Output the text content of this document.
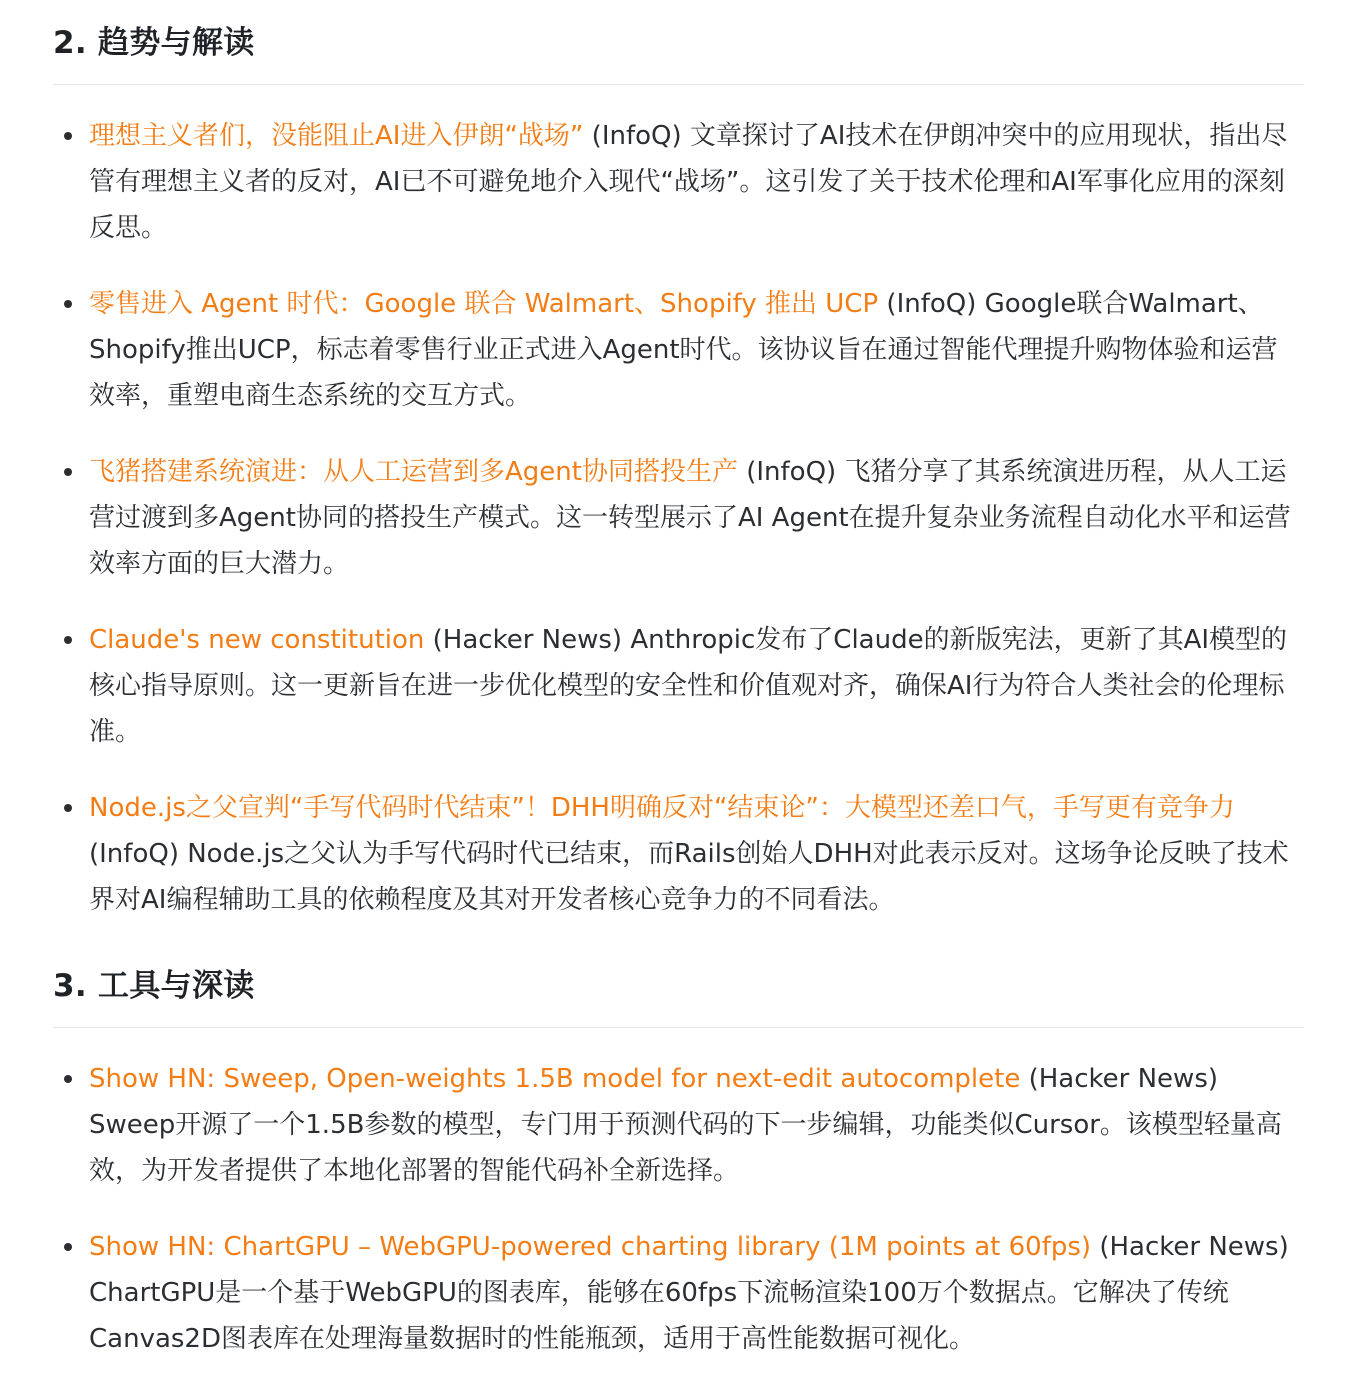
2. 趋势与解读
理想主义者们，没能阻止AI进入伊朗“战场” (InfoQ) 文章探讨了AI技术在伊朗冲突中的应用现状，指出尽管有理想主义者的反对，AI已不可避免地介入现代“战场”。这引发了关于技术伦理和AI军事化应用的深刻反思。
零售进入 Agent 时代：Google 联合 Walmart、Shopify 推出 UCP (InfoQ) Google联合Walmart、Shopify推出UCP，标志着零售行业正式进入Agent时代。该协议旨在通过智能代理提升购物体验和运营效率，重塑电商生态系统的交互方式。
飞猪搭建系统演进：从人工运营到多Agent协同搭投生产 (InfoQ) 飞猪分享了其系统演进历程，从人工运营过渡到多Agent协同的搭投生产模式。这一转型展示了AI Agent在提升复杂业务流程自动化水平和运营效率方面的巨大潜力。
Claude's new constitution (Hacker News) Anthropic发布了Claude的新版宪法，更新了其AI模型的核心指导原则。这一更新旨在进一步优化模型的安全性和价值观对齐，确保AI行为符合人类社会的伦理标准。
Node.js之父宣判“手写代码时代结束”！DHH明确反对“结束论”：大模型还差口气，手写更有竞争力 (InfoQ) Node.js之父认为手写代码时代已结束，而Rails创始人DHH对此表示反对。这场争论反映了技术界对AI编程辅助工具的依赖程度及其对开发者核心竞争力的不同看法。
3. 工具与深读
Show HN: Sweep, Open-weights 1.5B model for next-edit autocomplete (Hacker News) Sweep开源了一个1.5B参数的模型，专门用于预测代码的下一步编辑，功能类似Cursor。该模型轻量高效，为开发者提供了本地化部署的智能代码补全新选择。
Show HN: ChartGPU – WebGPU-powered charting library (1M points at 60fps) (Hacker News) ChartGPU是一个基于WebGPU的图表库，能够在60fps下流畅渲染100万个数据点。它解决了传统Canvas2D图表库在处理海量数据时的性能瓶颈，适用于高性能数据可视化。
